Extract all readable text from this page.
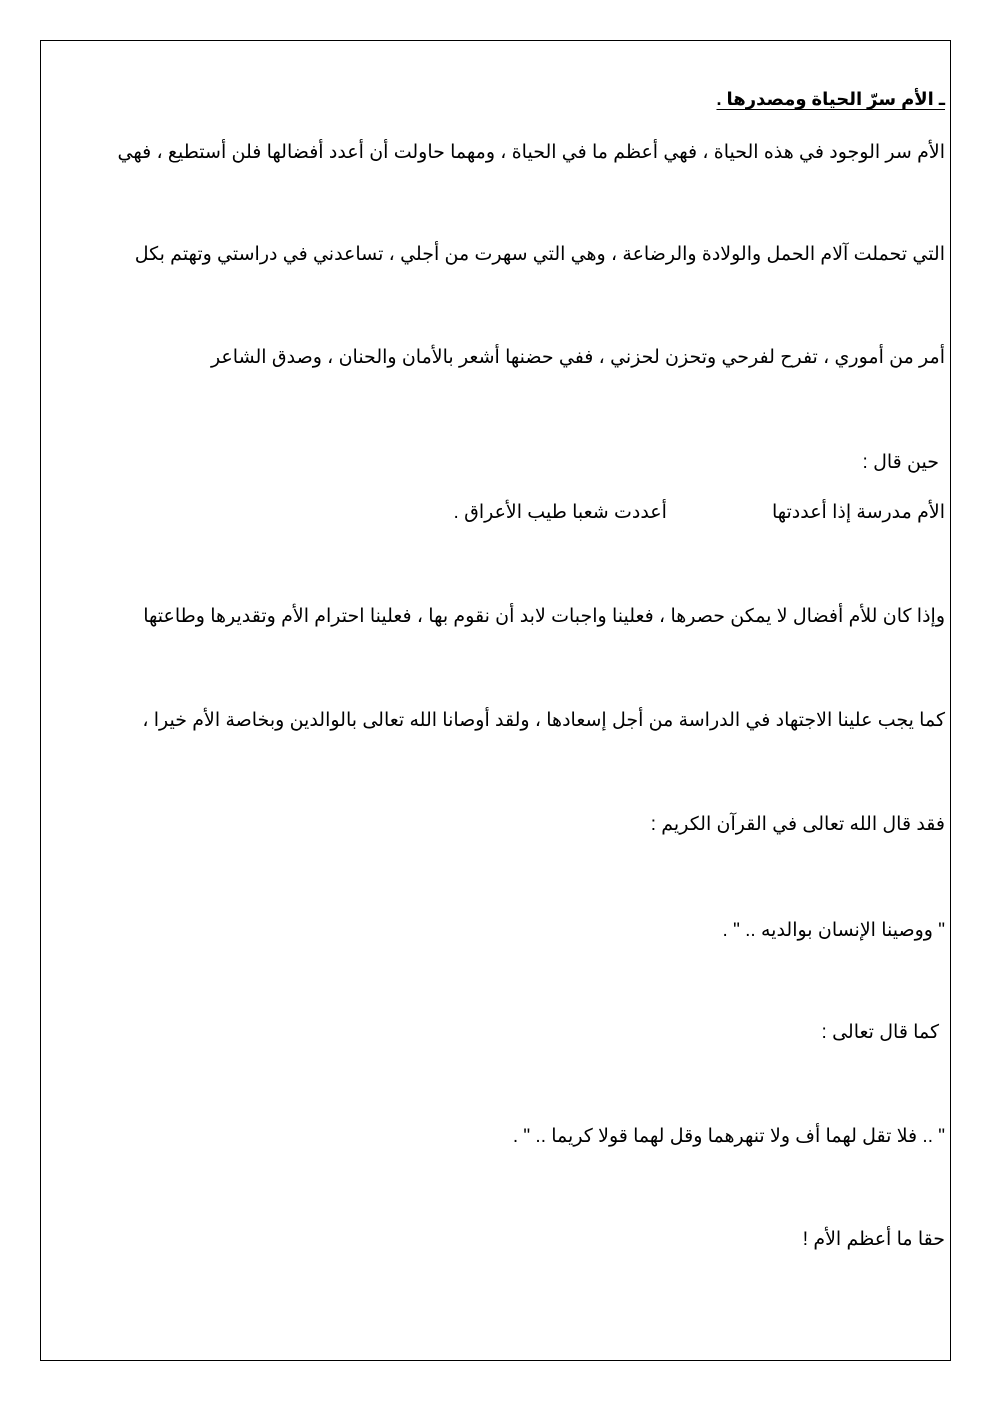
ـ الأم سرّ الحياة ومصدرها .
الأم سر الوجود في هذه الحياة ، فهي أعظم ما في الحياة ، ومهما حاولت أن أعدد أفضالها فلن أستطيع ، فهي
التي تحملت آلام الحمل والولادة والرضاعة ، وهي التي سهرت من أجلي ، تساعدني في دراستي وتهتم بكل
أمر من أموري ، تفرح لفرحي وتحزن لحزني ، ففي حضنها أشعر بالأمان والحنان ، وصدق الشاعر
حين قال :
الأم مدرسة إذا أعددتهاأعددت شعبا طيب الأعراق .
وإذا كان للأم أفضال لا يمكن حصرها ، فعلينا واجبات لابد أن نقوم بها ، فعلينا احترام الأم وتقديرها وطاعتها
كما يجب علينا الاجتهاد في الدراسة من أجل إسعادها ، ولقد أوصانا الله تعالى بالوالدين وبخاصة الأم خيرا ،
فقد قال الله تعالى في القرآن الكريم :
" ووصينا الإنسان بوالديه .. " .
كما قال تعالى :
" .. فلا تقل لهما أف ولا تنهرهما وقل لهما قولا كريما .. " .
حقا ما أعظم الأم !
